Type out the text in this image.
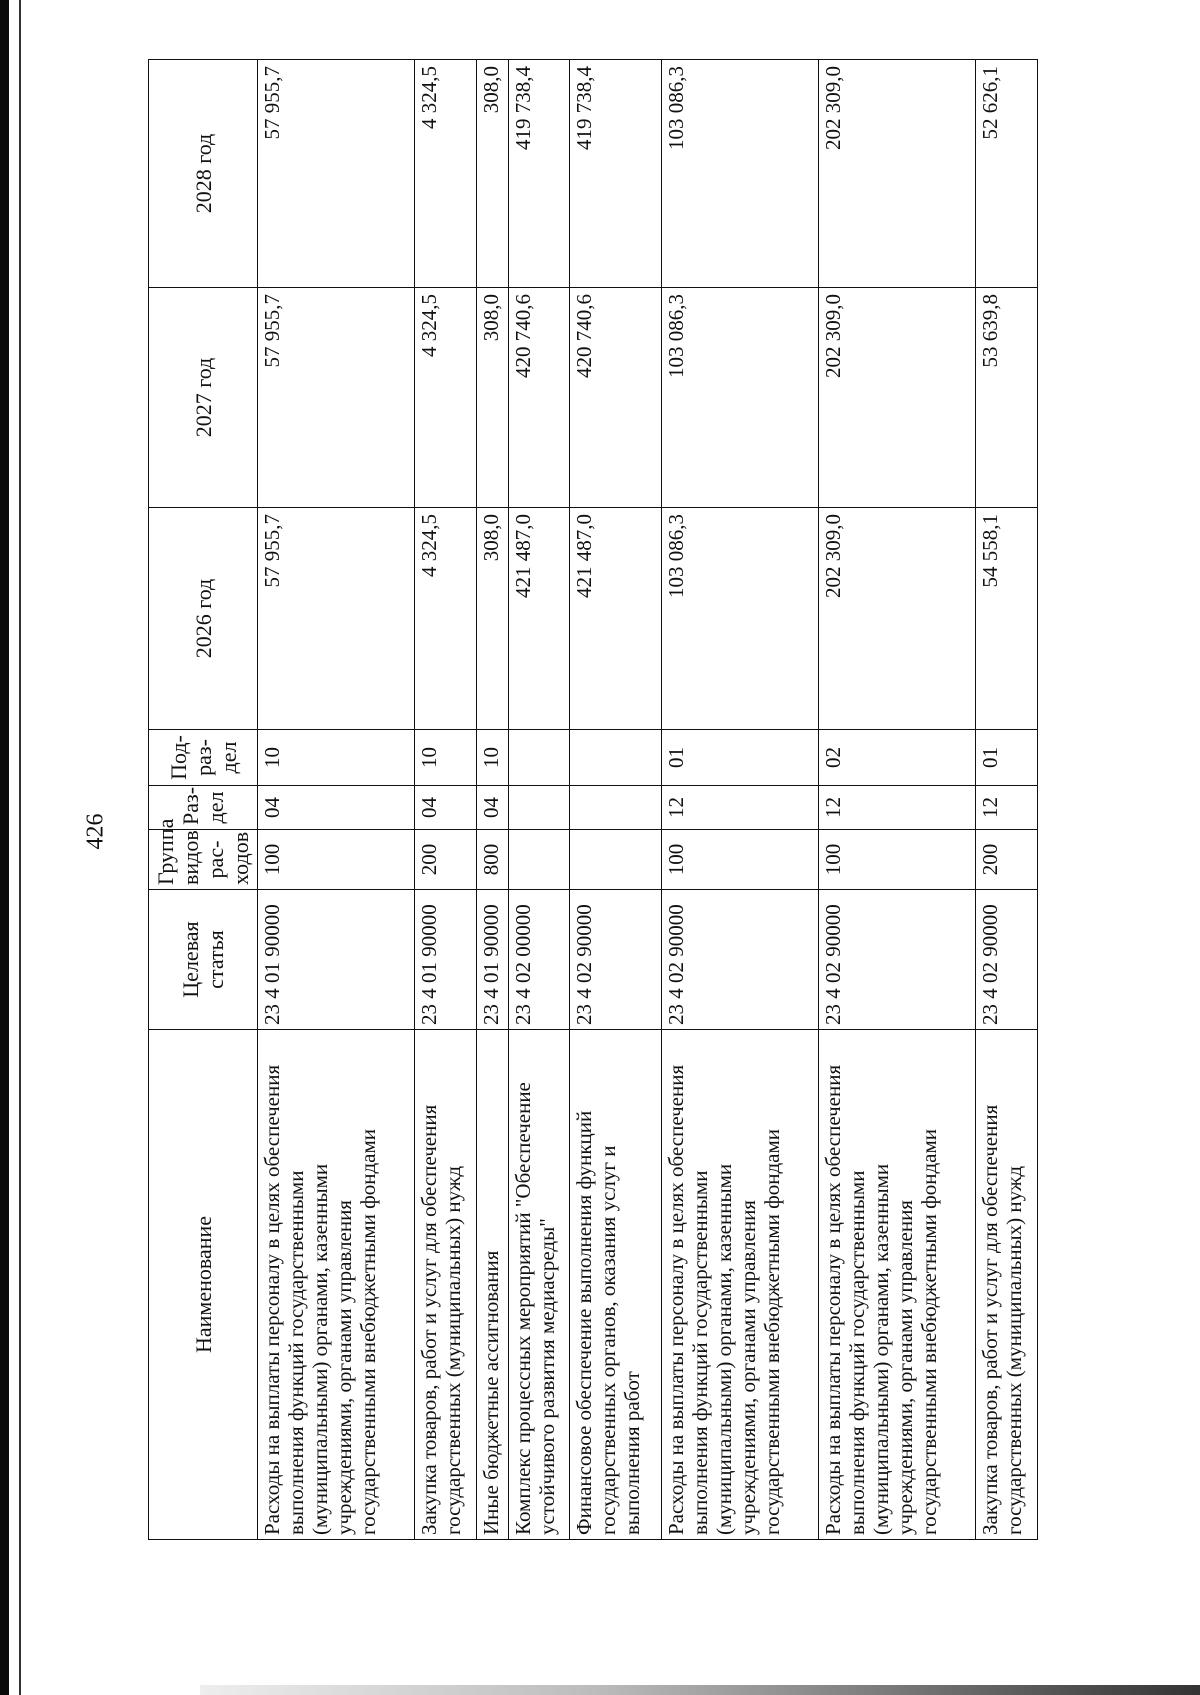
426
Наименование	Целевая статья	Группа видов рас-ходов	Раз-дел	Под-раз-дел	2026 год	2027 год	2028 год
Расходы на выплаты персоналу в целях обеспечения выполнения функций государственными (муниципальными) органами, казенными учреждениями, органами управления государственными внебюджетными фондами	23 4 01 90000	100	04	10	57 955,7	57 955,7	57 955,7
Закупка товаров, работ и услуг для обеспечения государственных (муниципальных) нужд	23 4 01 90000	200	04	10	4 324,5	4 324,5	4 324,5
Иные бюджетные ассигнования	23 4 01 90000	800	04	10	308,0	308,0	308,0
Комплекс процессных мероприятий "Обеспечение устойчивого развития медиасреды"	23 4 02 00000				421 487,0	420 740,6	419 738,4
Финансовое обеспечение выполнения функций государственных органов, оказания услуг и выполнения работ	23 4 02 90000				421 487,0	420 740,6	419 738,4
Расходы на выплаты персоналу в целях обеспечения выполнения функций государственными (муниципальными) органами, казенными учреждениями, органами управления государственными внебюджетными фондами	23 4 02 90000	100	12	01	103 086,3	103 086,3	103 086,3
Расходы на выплаты персоналу в целях обеспечения выполнения функций государственными (муниципальными) органами, казенными учреждениями, органами управления государственными внебюджетными фондами	23 4 02 90000	100	12	02	202 309,0	202 309,0	202 309,0
Закупка товаров, работ и услуг для обеспечения государственных (муниципальных) нужд	23 4 02 90000	200	12	01	54 558,1	53 639,8	52 626,1
